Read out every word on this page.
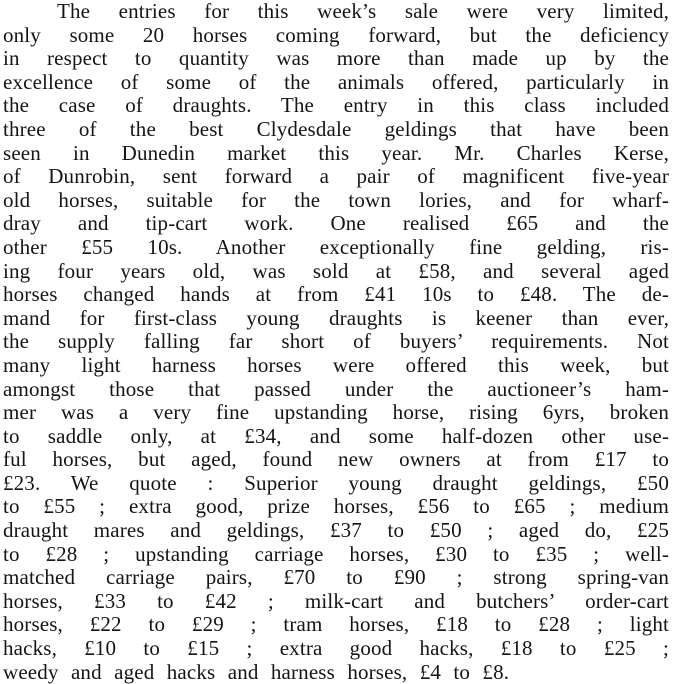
The entries for this week’s sale were very limited,
only some 20 horses coming forward, but the deficiency
in respect to quantity was more than made up by the
excellence of some of the animals offered, particularly in
the case of draughts. The entry in this class included
three of the best Clydesdale geldings that have been
seen in Dunedin market this year. Mr. Charles Kerse,
of Dunrobin, sent forward a pair of magnificent five-year
old horses, suitable for the town lories, and for wharf-
dray and tip-cart work. One realised £65 and the
other £55 10s. Another exceptionally fine gelding, ris-
ing four years old, was sold at £58, and several aged
horses changed hands at from £41 10s to £48. The de-
mand for first-class young draughts is keener than ever,
the supply falling far short of buyers’ requirements. Not
many light harness horses were offered this week, but
amongst those that passed under the auctioneer’s ham-
mer was a very fine upstanding horse, rising 6yrs, broken
to saddle only, at £34, and some half-dozen other use-
ful horses, but aged, found new owners at from £17 to
£23. We quote : Superior young draught geldings, £50
to £55 ; extra good, prize horses, £56 to £65 ; medium
draught mares and geldings, £37 to £50 ; aged do, £25
to £28 ; upstanding carriage horses, £30 to £35 ; well-
matched carriage pairs, £70 to £90 ; strong spring-van
horses, £33 to £42 ; milk-cart and butchers’ order-cart
horses, £22 to £29 ; tram horses, £18 to £28 ; light
hacks, £10 to £15 ; extra good hacks, £18 to £25 ;
weedy and aged hacks and harness horses, £4 to £8.
